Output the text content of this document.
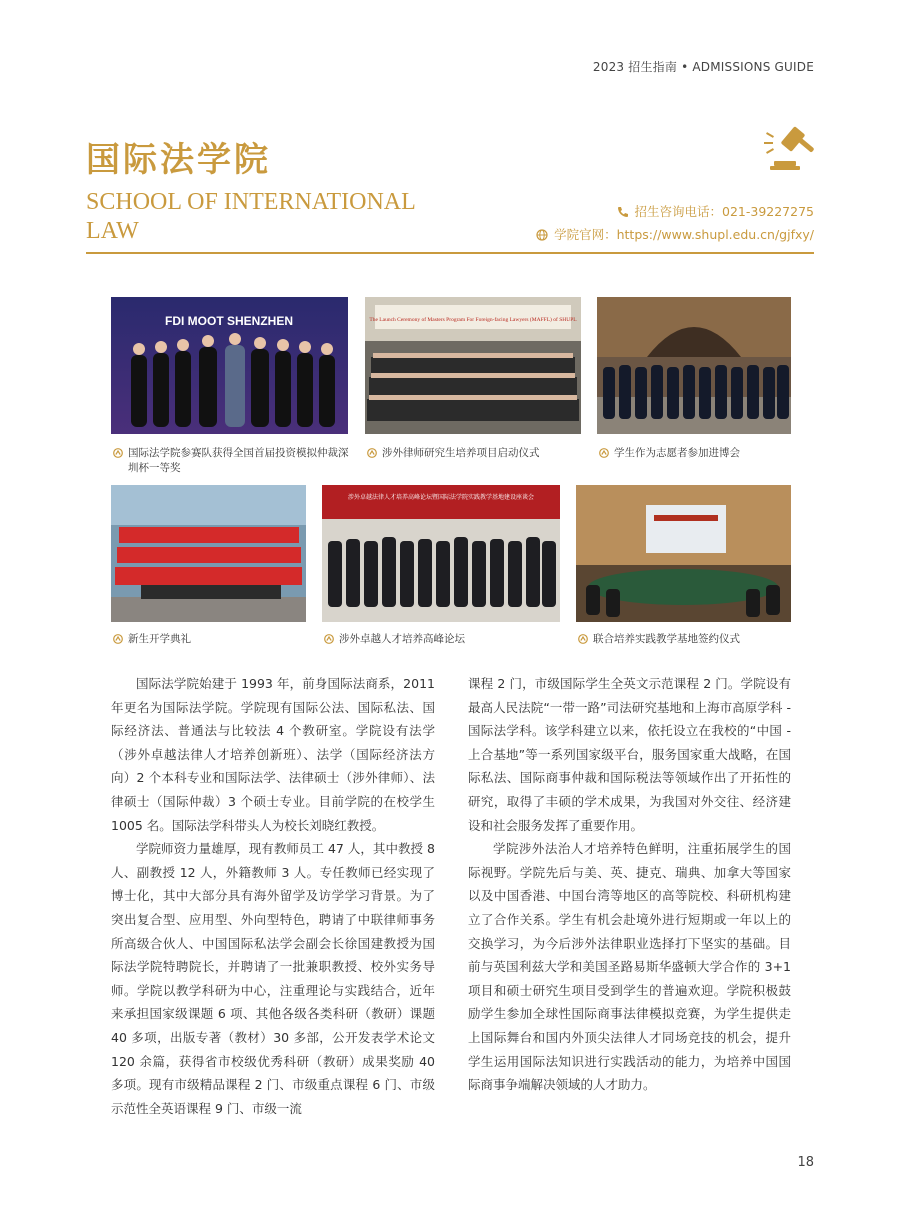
2023 招生指南 • ADMISSIONS GUIDE
国际法学院
SCHOOL OF INTERNATIONAL LAW
招生咨询电话：021-39227275
学院官网：https://www.shupl.edu.cn/gjfxy/
FDI MOOT SHENZHEN	The Launch Ceremony of Masters Program For Foreign-facing Lawyers (MAFFL) of SHUPL
国际法学院参赛队获得全国首届投资模拟仲裁深圳杯一等奖
涉外律师研究生培养项目启动仪式	学生作为志愿者参加进博会
涉外卓越法律人才培养高峰论坛暨国际法学院实践教学基地建设座谈会
新生开学典礼	涉外卓越人才培养高峰论坛	联合培养实践教学基地签约仪式

国际法学院始建于 1993 年，前身国际法商系，2011 年更名为国际法学院。学院现有国际公法、国际私法、国际经济法、普通法与比较法 4 个教研室。学院设有法学（涉外卓越法律人才培养创新班）、法学（国际经济法方向）2 个本科专业和国际法学、法律硕士（涉外律师）、法律硕士（国际仲裁）3 个硕士专业。目前学院的在校学生 1005 名。国际法学科带头人为校长刘晓红教授。

学院师资力量雄厚，现有教师员工 47 人，其中教授 8 人、副教授 12 人，外籍教师 3 人。专任教师已经实现了博士化，其中大部分具有海外留学及访学学习背景。为了突出复合型、应用型、外向型特色，聘请了中联律师事务所高级合伙人、中国国际私法学会副会长徐国建教授为国际法学院特聘院长，并聘请了一批兼职教授、校外实务导师。学院以教学科研为中心，注重理论与实践结合，近年来承担国家级课题 6 项、其他各级各类科研（教研）课题 40 多项，出版专著（教材）30 多部，公开发表学术论文 120 余篇，获得省市校级优秀科研（教研）成果奖励 40 多项。现有市级精品课程 2 门、市级重点课程 6 门、市级示范性全英语课程 9 门、市级一流

课程 2 门，市级国际学生全英文示范课程 2 门。学院设有最高人民法院“一带一路”司法研究基地和上海市高原学科 - 国际法学科。该学科建立以来，依托设立在我校的“中国 - 上合基地”等一系列国家级平台，服务国家重大战略，在国际私法、国际商事仲裁和国际税法等领域作出了开拓性的研究，取得了丰硕的学术成果，为我国对外交往、经济建设和社会服务发挥了重要作用。

学院涉外法治人才培养特色鲜明，注重拓展学生的国际视野。学院先后与美、英、捷克、瑞典、加拿大等国家以及中国香港、中国台湾等地区的高等院校、科研机构建立了合作关系。学生有机会赴境外进行短期或一年以上的交换学习，为今后涉外法律职业选择打下坚实的基础。目前与英国利兹大学和美国圣路易斯华盛顿大学合作的 3+1 项目和硕士研究生项目受到学生的普遍欢迎。学院积极鼓励学生参加全球性国际商事法律模拟竞赛，为学生提供走上国际舞台和国内外顶尖法律人才同场竞技的机会，提升学生运用国际法知识进行实践活动的能力，为培养中国国际商事争端解决领域的人才助力。

18
